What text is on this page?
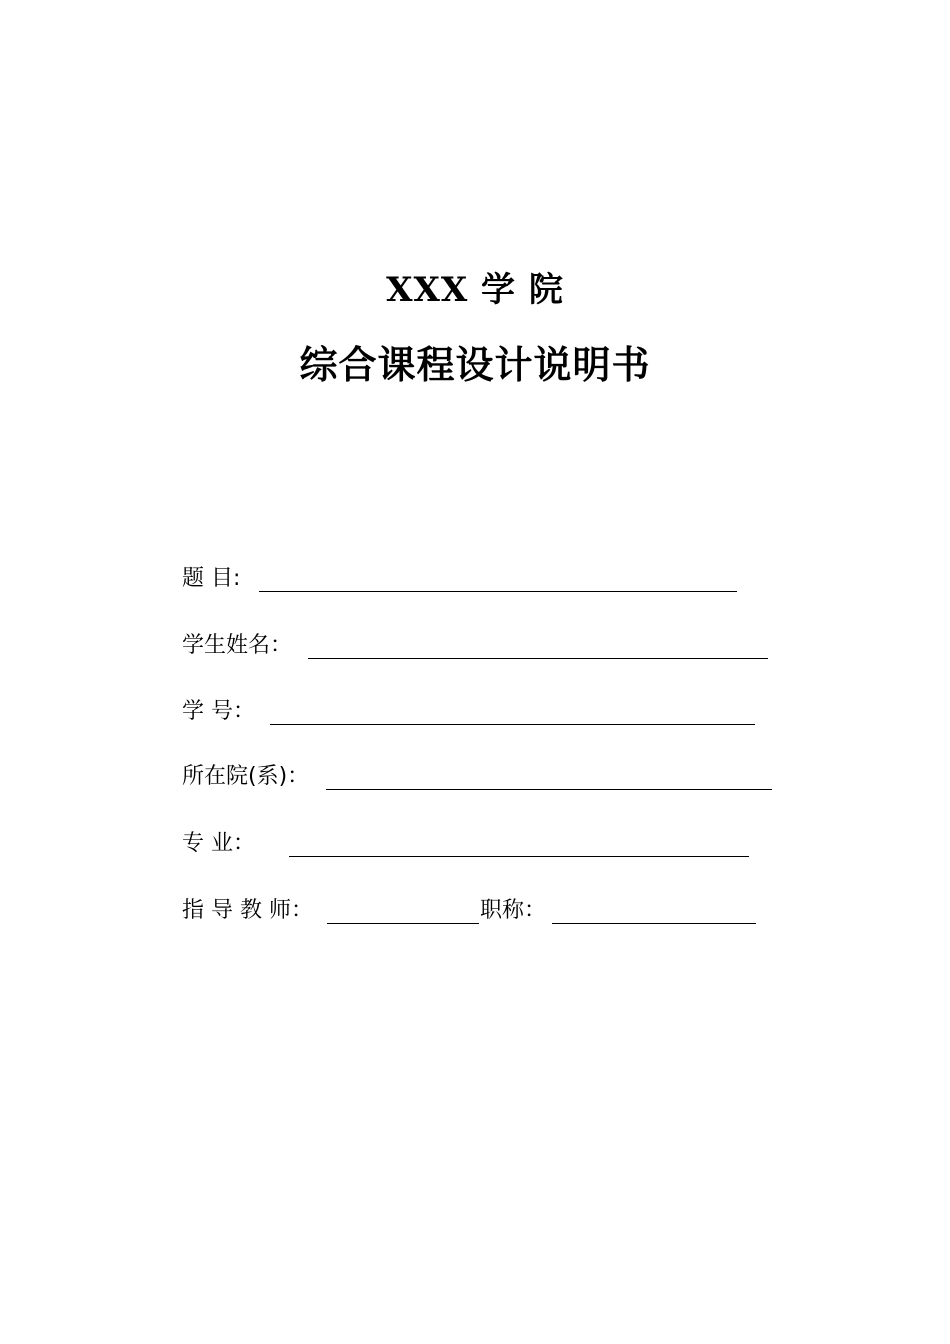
XXX 学 院
综合课程设计说明书
题 目:
学生姓名：
学 号：
所在院(系)：
专 业：
指 导 教 师：	职称：
